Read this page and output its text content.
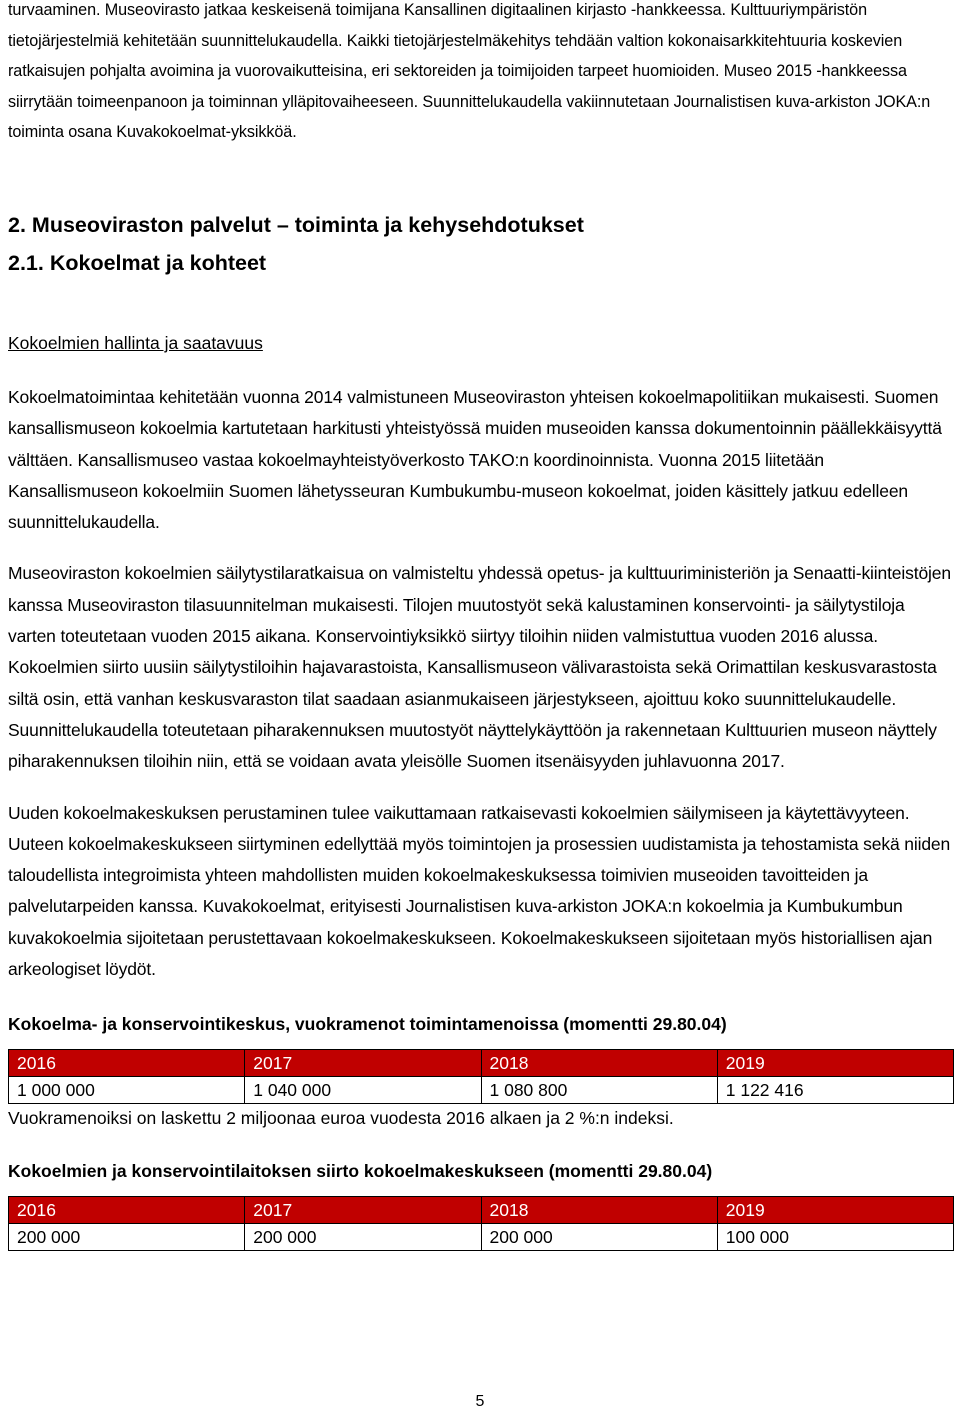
turvaaminen. Museovirasto jatkaa keskeisenä toimijana Kansallinen digitaalinen kirjasto -hankkeessa. Kulttuuriympäristön tietojärjestelmiä kehitetään suunnittelukaudella. Kaikki tietojärjestelmäkehitys tehdään valtion kokonaisarkkitehtuuria koskevien ratkaisujen pohjalta avoimina ja vuorovaikutteisina, eri sektoreiden ja toimijoiden tarpeet huomioiden. Museo 2015 -hankkeessa siirrytään toimeenpanoon ja toiminnan ylläpitovaiheeseen. Suunnittelukaudella vakiinnutetaan Journalistisen kuva-arkiston JOKA:n toiminta osana Kuvakokoelmat-yksikköä.

2. Museoviraston palvelut – toiminta ja kehysehdotukset

2.1. Kokoelmat ja kohteet

Kokoelmien hallinta ja saatavuus

Kokoelmatoimintaa kehitetään vuonna 2014 valmistuneen Museoviraston yhteisen kokoelmapolitiikan mukaisesti. Suomen kansallismuseon kokoelmia kartutetaan harkitusti yhteistyössä muiden museoiden kanssa dokumentoinnin päällekkäisyyttä välttäen. Kansallismuseo vastaa kokoelmayhteistyöverkosto TAKO:n koordinoinnista. Vuonna 2015 liitetään Kansallismuseon kokoelmiin Suomen lähetysseuran Kumbukumbu-museon kokoelmat, joiden käsittely jatkuu edelleen suunnittelukaudella.

Museoviraston kokoelmien säilytystilaratkaisua on valmisteltu yhdessä opetus- ja kulttuuriministeriön ja Senaatti-kiinteistöjen kanssa Museoviraston tilasuunnitelman mukaisesti. Tilojen muutostyöt sekä kalustaminen konservointi- ja säilytystiloja varten toteutetaan vuoden 2015 aikana. Konservointiyksikkö siirtyy tiloihin niiden valmistuttua vuoden 2016 alussa. Kokoelmien siirto uusiin säilytystiloihin hajavarastoista, Kansallismuseon välivarastoista sekä Orimattilan keskusvarastosta siltä osin, että vanhan keskusvaraston tilat saadaan asianmukaiseen järjestykseen, ajoittuu koko suunnittelukaudelle. Suunnittelukaudella toteutetaan piharakennuksen muutostyöt näyttelykäyttöön ja rakennetaan Kulttuurien museon näyttely piharakennuksen tiloihin niin, että se voidaan avata yleisölle Suomen itsenäisyyden juhlavuonna 2017.

Uuden kokoelmakeskuksen perustaminen tulee vaikuttamaan ratkaisevasti kokoelmien säilymiseen ja käytettävyyteen. Uuteen kokoelmakeskukseen siirtyminen edellyttää myös toimintojen ja prosessien uudistamista ja tehostamista sekä niiden taloudellista integroimista yhteen mahdollisten muiden kokoelmakeskuksessa toimivien museoiden tavoitteiden ja palvelutarpeiden kanssa. Kuvakokoelmat, erityisesti Journalistisen kuva-arkiston JOKA:n kokoelmia ja Kumbukumbun kuvakokoelmia sijoitetaan perustettavaan kokoelmakeskukseen. Kokoelmakeskukseen sijoitetaan myös historiallisen ajan arkeologiset löydöt.

Kokoelma- ja konservointikeskus, vuokramenot toimintamenoissa (momentti 29.80.04)

2016	2017	2018	2019
1 000 000	1 040 000	1 080 800	1 122 416

Vuokramenoiksi on laskettu 2 miljoonaa euroa vuodesta 2016 alkaen ja 2 %:n indeksi.

Kokoelmien ja konservointilaitoksen siirto kokoelmakeskukseen (momentti 29.80.04)

2016	2017	2018	2019
200 000	200 000	200 000	100 000
5
